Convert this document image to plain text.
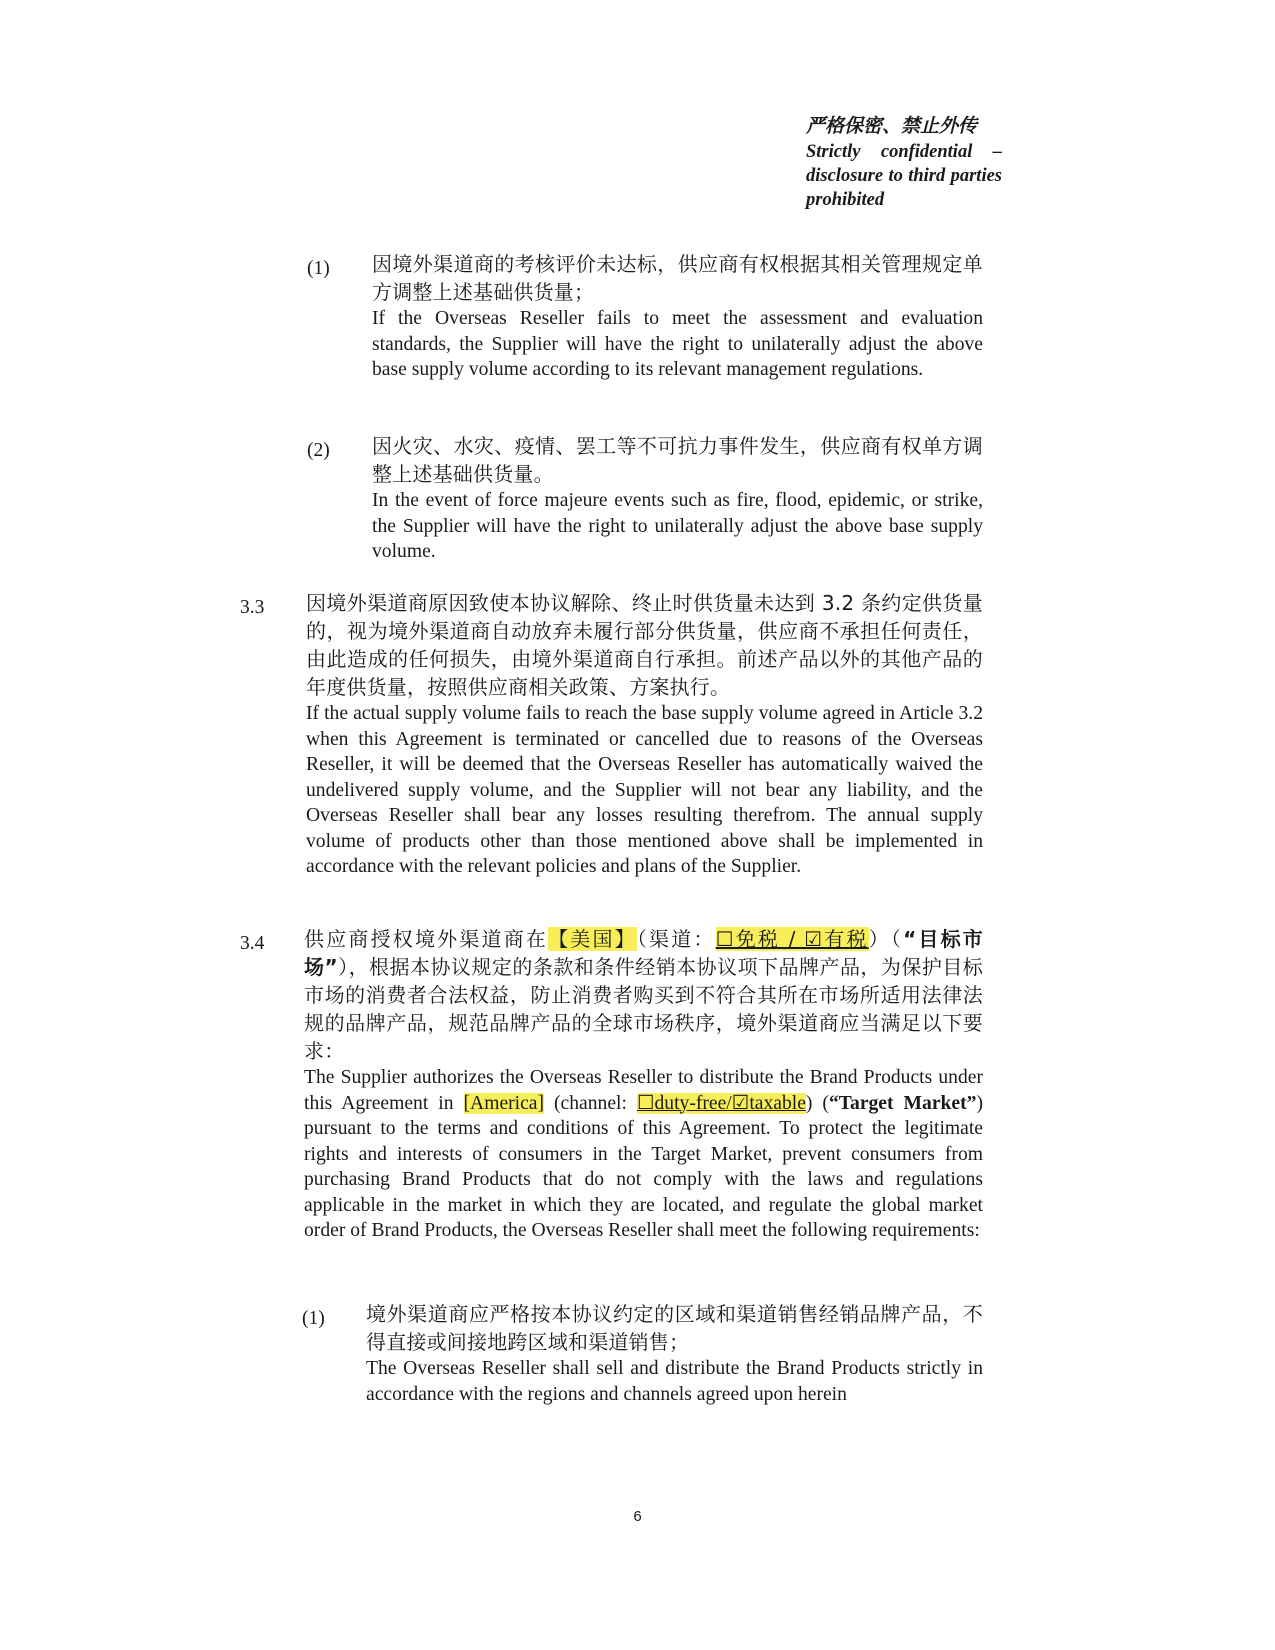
严格保密、禁止外传
Strictly confidential – disclosure to third parties prohibited
(1) 因境外渠道商的考核评价未达标，供应商有权根据其相关管理规定单方调整上述基础供货量；
If the Overseas Reseller fails to meet the assessment and evaluation standards, the Supplier will have the right to unilaterally adjust the above base supply volume according to its relevant management regulations.
(2) 因火灾、水灾、疫情、罢工等不可抗力事件发生，供应商有权单方调整上述基础供货量。
In the event of force majeure events such as fire, flood, epidemic, or strike, the Supplier will have the right to unilaterally adjust the above base supply volume.
3.3 因境外渠道商原因致使本协议解除、终止时供货量未达到 3.2 条约定供货量的，视为境外渠道商自动放弃未履行部分供货量，供应商不承担任何责任，由此造成的任何损失，由境外渠道商自行承担。前述产品以外的其他产品的年度供货量，按照供应商相关政策、方案执行。
If the actual supply volume fails to reach the base supply volume agreed in Article 3.2 when this Agreement is terminated or cancelled due to reasons of the Overseas Reseller, it will be deemed that the Overseas Reseller has automatically waived the undelivered supply volume, and the Supplier will not bear any liability, and the Overseas Reseller shall bear any losses resulting therefrom. The annual supply volume of products other than those mentioned above shall be implemented in accordance with the relevant policies and plans of the Supplier.
3.4 供应商授权境外渠道商在【美国】（渠道：☐免税 / ☑有税）（“目标市场”），根据本协议规定的条款和条件经销本协议项下品牌产品，为保护目标市场的消费者合法权益，防止消费者购买到不符合其所在市场所适用法律法规的品牌产品，规范品牌产品的全球市场秩序，境外渠道商应当满足以下要求：
The Supplier authorizes the Overseas Reseller to distribute the Brand Products under this Agreement in [America] (channel: ☐duty-free/☑taxable) (“Target Market”) pursuant to the terms and conditions of this Agreement. To protect the legitimate rights and interests of consumers in the Target Market, prevent consumers from purchasing Brand Products that do not comply with the laws and regulations applicable in the market in which they are located, and regulate the global market order of Brand Products, the Overseas Reseller shall meet the following requirements:
(1) 境外渠道商应严格按本协议约定的区域和渠道销售经销品牌产品，不得直接或间接地跨区域和渠道销售；
The Overseas Reseller shall sell and distribute the Brand Products strictly in accordance with the regions and channels agreed upon herein
6
